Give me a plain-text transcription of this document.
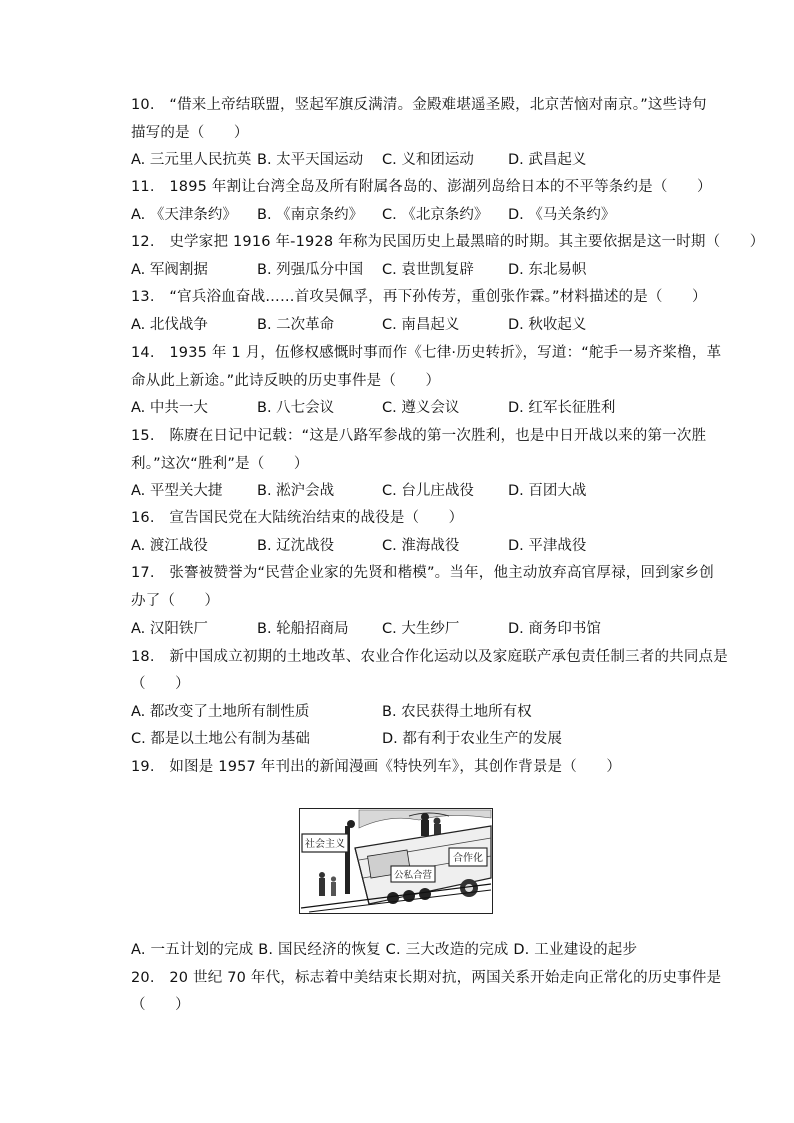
10.　“借来上帝结联盟，竖起军旗反满清。金殿难堪遥圣殿，北京苦恼对南京。”这些诗句
描写的是（　　）
A. 三元里人民抗英 B. 太平天国运动 C. 义和团运动 D. 武昌起义
11.　1895 年割让台湾全岛及所有附属各岛的、澎湖列岛给日本的不平等条约是（　　）
A. 《天津条约》 B. 《南京条约》 C. 《北京条约》 D. 《马关条约》
12.　史学家把 1916 年-1928 年称为民国历史上最黑暗的时期。其主要依据是这一时期（　　）
A. 军阀割据	B. 列强瓜分中国 C. 袁世凯复辟 D. 东北易帜
13.　“官兵浴血奋战……首攻吴佩孚，再下孙传芳，重创张作霖。”材料描述的是（　　）
A. 北伐战争	B. 二次革命	C. 南昌起义	D. 秋收起义
14.　1935 年 1 月，伍修权感慨时事而作《七律·历史转折》，写道：“舵手一易齐桨橹，革
命从此上新途。”此诗反映的历史事件是（　　）
A. 中共一大	B. 八七会议	C. 遵义会议	D. 红军长征胜利
15.　陈赓在日记中记载：“这是八路军参战的第一次胜利，也是中日开战以来的第一次胜
利。”这次“胜利”是（　　）
A. 平型关大捷 B. 淞沪会战	C. 台儿庄战役 D. 百团大战
16.　宣告国民党在大陆统治结束的战役是（　　）
A. 渡江战役	B. 辽沈战役	C. 淮海战役	D. 平津战役
17.　张謇被赞誉为“民营企业家的先贤和楷模”。当年，他主动放弃高官厚禄，回到家乡创
办了（　　）
A. 汉阳铁厂	B. 轮船招商局 C. 大生纱厂	D. 商务印书馆
18.　新中国成立初期的土地改革、农业合作化运动以及家庭联产承包责任制三者的共同点是
（　　）
A. 都改变了土地所有制性质	B. 农民获得土地所有权
C. 都是以土地公有制为基础	D. 都有利于农业生产的发展
19.　如图是 1957 年刊出的新闻漫画《特快列车》，其创作背景是（　　）
社会主义
公私合营
合作化
A. 一五计划的完成 B. 国民经济的恢复 C. 三大改造的完成 D. 工业建设的起步
20.　20 世纪 70 年代，标志着中美结束长期对抗，两国关系开始走向正常化的历史事件是
（　　）
